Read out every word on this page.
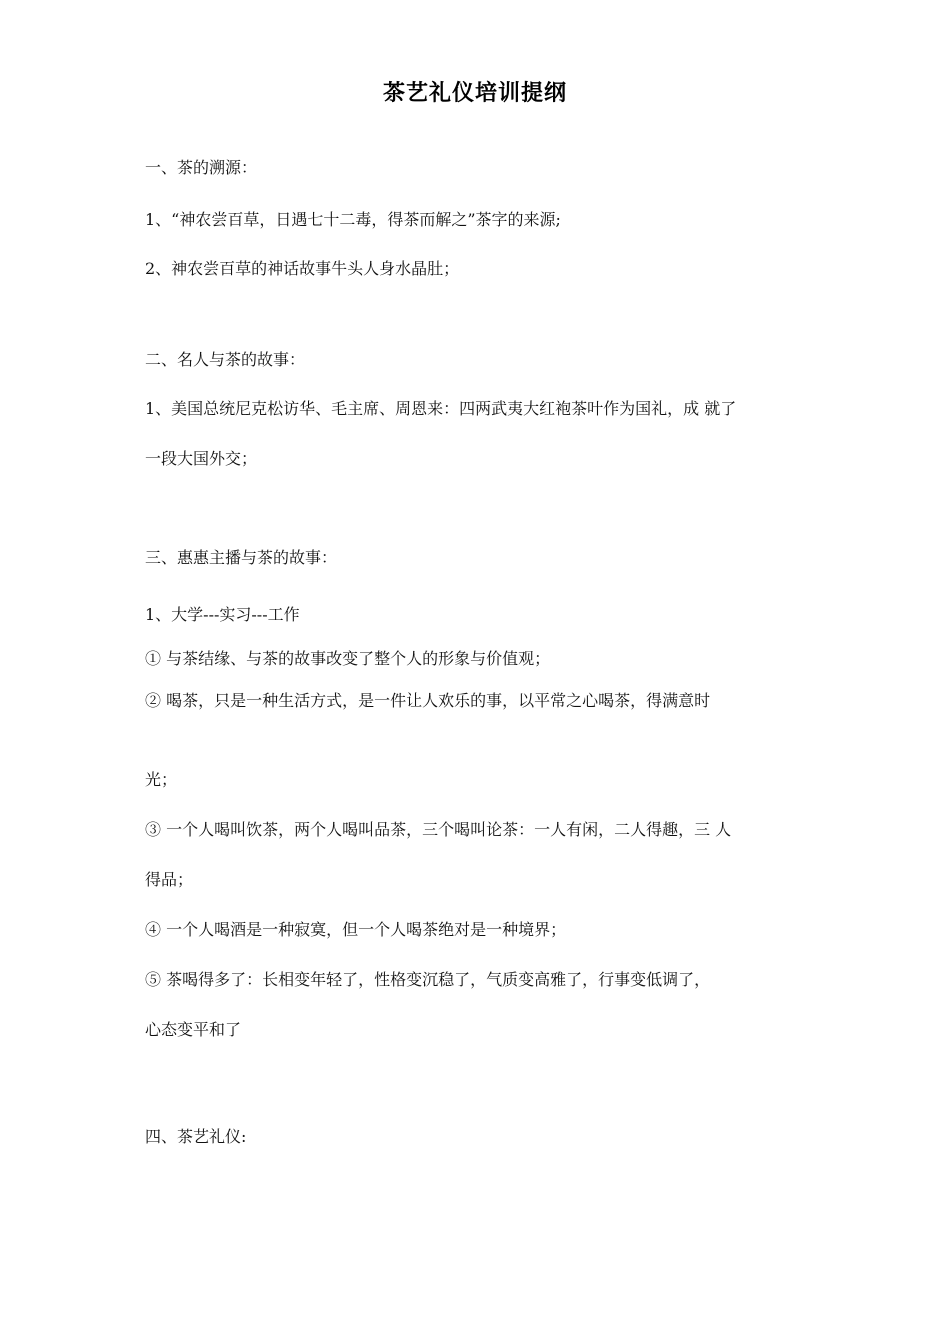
茶艺礼仪培训提纲
一、茶的溯源：
1、“神农尝百草，日遇七十二毒，得茶而解之”茶字的来源;
2、神农尝百草的神话故事牛头人身水晶肚；
二、名人与茶的故事：
1、美国总统尼克松访华、毛主席、周恩来：四两武夷大红袍茶叶作为国礼，成 就了
一段大国外交；
三、惠惠主播与茶的故事：
1、大学---实习---工作
① 与茶结缘、与茶的故事改变了整个人的形象与价值观；
② 喝茶，只是一种生活方式，是一件让人欢乐的事，以平常之心喝茶，得满意时
光；
③ 一个人喝叫饮茶，两个人喝叫品茶，三个喝叫论茶：一人有闲，二人得趣，三 人
得品；
④ 一个人喝酒是一种寂寞，但一个人喝茶绝对是一种境界；
⑤ 茶喝得多了：长相变年轻了，性格变沉稳了，气质变高雅了，行事变低调了，
心态变平和了
四、茶艺礼仪:
